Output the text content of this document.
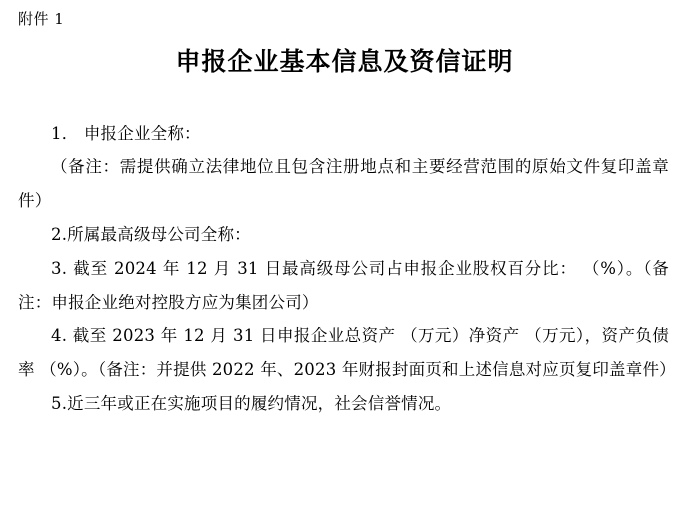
附件 1
申报企业基本信息及资信证明

1． 申报企业全称：

（备注：需提供确立法律地位且包含注册地点和主要经营范围的原始文件复印盖章件）

2.所属最高级母公司全称：

3. 截至 2024 年 12 月 31 日最高级母公司占申报企业股权百分比： （%）。（备注：申报企业绝对控股方应为集团公司）

4. 截至 2023 年 12 月 31 日申报企业总资产 （万元）净资产 （万元），资产负债率 （%）。（备注：并提供 2022 年、2023 年财报封面页和上述信息对应页复印盖章件）

5.近三年或正在实施项目的履约情况，社会信誉情况。
